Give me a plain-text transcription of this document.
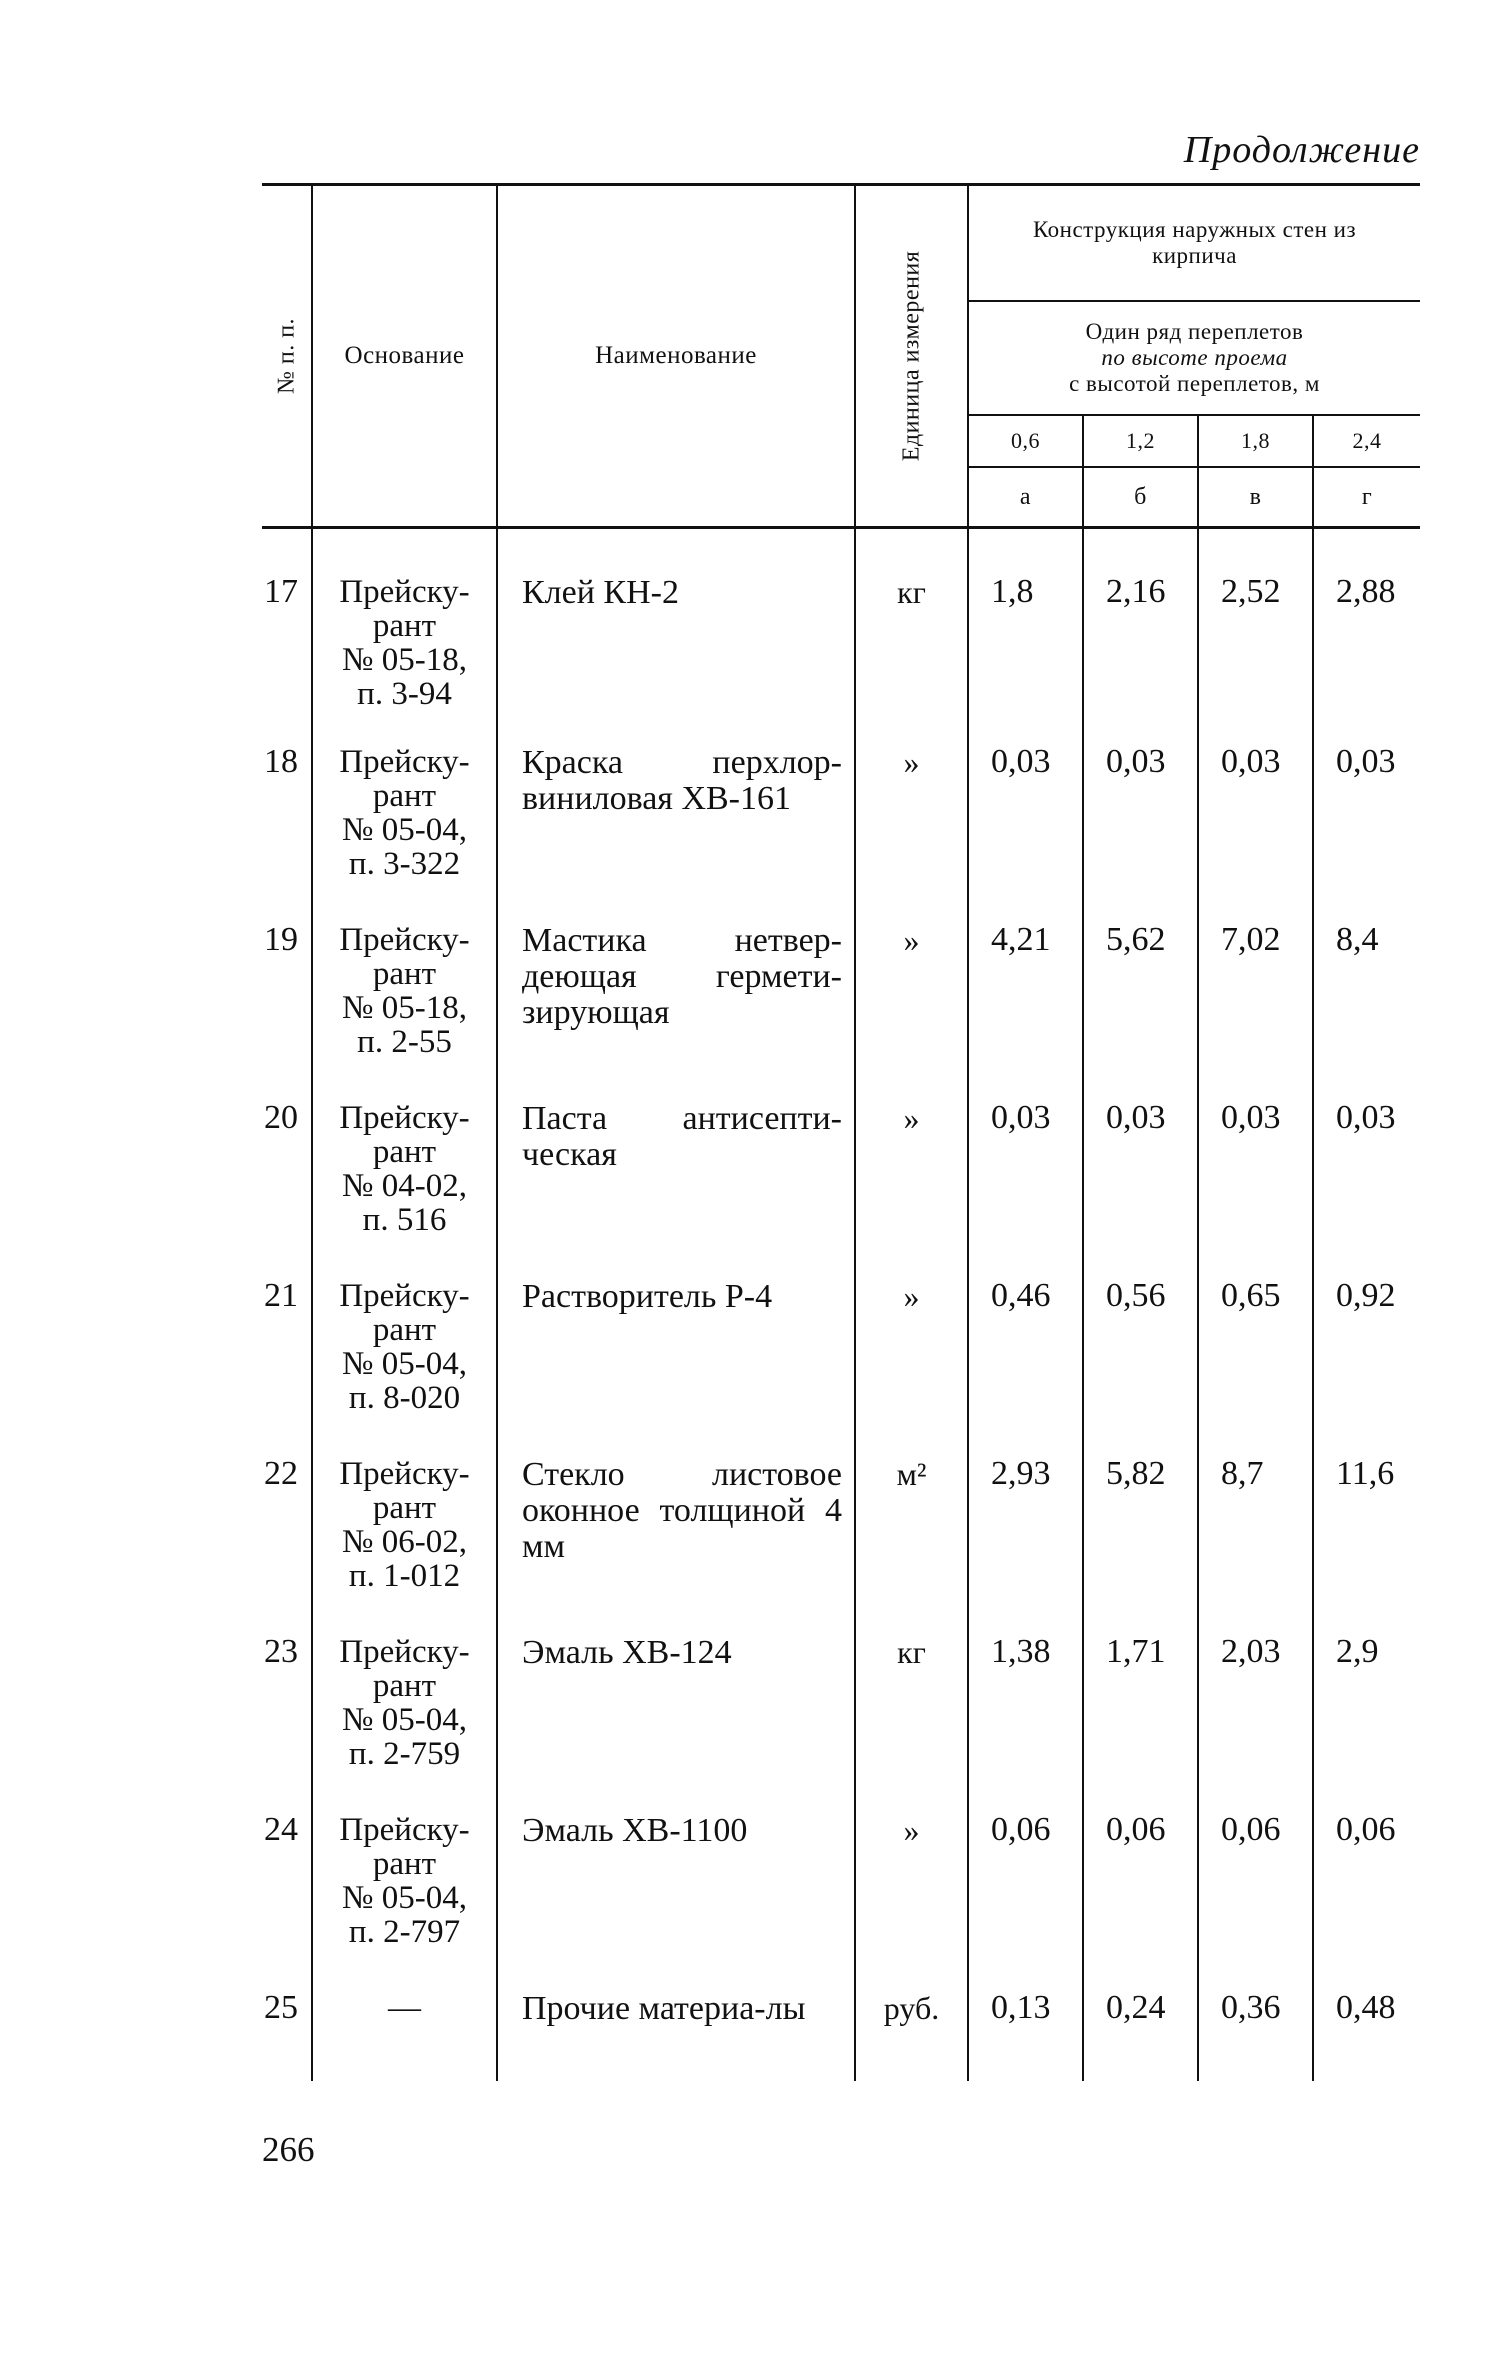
Продолжение
№ п. п.	Основание	Наименование	Единица измерения	Конструкция наружных стен из кирпича			

				Один ряд переплетов
по высоте проема
с высотой переплетов, м			

				0,6	1,2	1,8	2,4
				а	б	в	г
17	Прейску-
рант
№ 05-18,
п. 3-94	Клей КН-2	кг	1,8	2,16	2,52	2,88
18	Прейску-
рант
№ 05-04,
п. 3-322	Краска перхлор-виниловая ХВ-161	»	0,03	0,03	0,03	0,03
19	Прейску-
рант
№ 05-18,
п. 2-55	Мастика нетвер-деющая гермети-зирующая	»	4,21	5,62	7,02	8,4
20	Прейску-
рант
№ 04-02,
п. 516	Паста антисепти-ческая	»	0,03	0,03	0,03	0,03
21	Прейску-
рант
№ 05-04,
п. 8-020	Растворитель Р-4	»	0,46	0,56	0,65	0,92
22	Прейску-
рант
№ 06-02,
п. 1-012	Стекло листовое оконное толщиной 4 мм	м²	2,93	5,82	8,7	11,6
23	Прейску-
рант
№ 05-04,
п. 2-759	Эмаль ХВ-124	кг	1,38	1,71	2,03	2,9
24	Прейску-
рант
№ 05-04,
п. 2-797	Эмаль ХВ-1100	»	0,06	0,06	0,06	0,06
25	—	Прочие материа-лы	руб.	0,13	0,24	0,36	0,48
266
